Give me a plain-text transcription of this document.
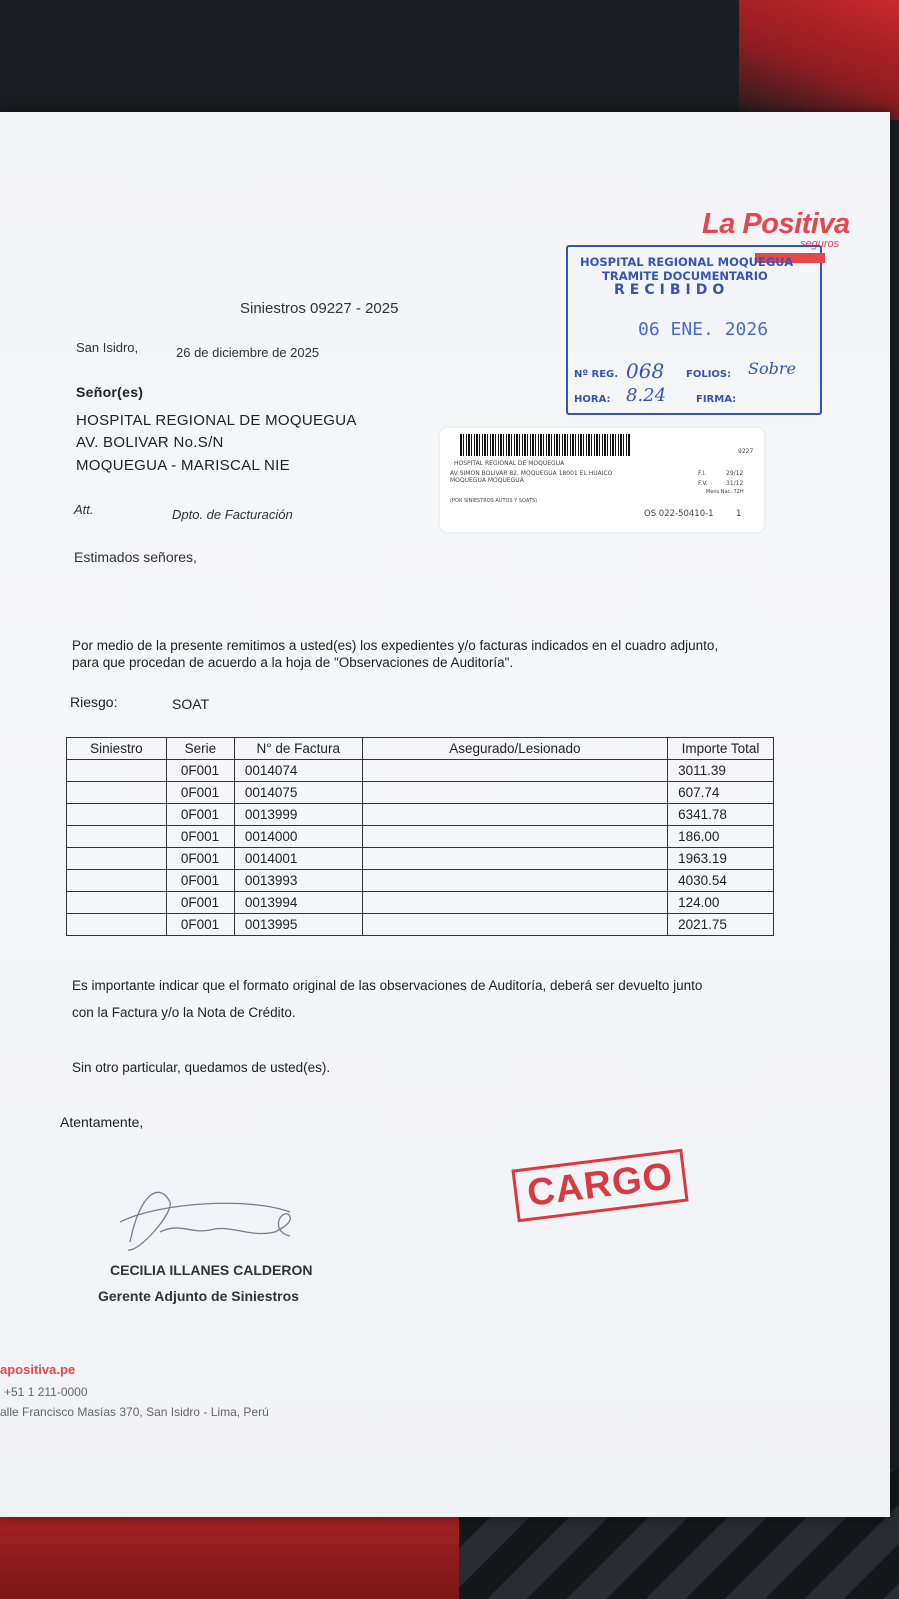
La Positiva
seguros
Siniestros 09227 - 2025
San Isidro,	26 de diciembre de 2025
Señor(es)
HOSPITAL REGIONAL DE MOQUEGUA
AV. BOLIVAR No.S/N
MOQUEGUA - MARISCAL NIE
Att.	Dpto. de Facturación
HOSPITAL REGIONAL MOQUEGUA
TRAMITE DOCUMENTARIO
RECIBIDO
06 ENE. 2026
Nº REG. 068 FOLIOS: Sobre
HORA: 8.24	FIRMA:
9227
HOSPITAL REGIONAL DE MOQUEGUA
AV SIMON BOLIVAR 82, MOQUEGUA 18001 EL HUAICO
MOQUEGUA MOQUEGUA
(POR SINIESTROS AUTOS Y SOATS)
F.I.	29/12
F.V.	31/12
Mens.Nac. 72H
OS 022-50410-1	1
Estimados señores,
Por medio de la presente remitimos a usted(es) los expedientes y/o facturas indicados en el cuadro adjunto,
para que procedan de acuerdo a la hoja de "Observaciones de Auditoría".
Riesgo:	SOAT
Siniestro	Serie	N° de Factura	Asegurado/Lesionado	Importe Total
	0F001	0014074		3011.39
	0F001	0014075		607.74
	0F001	0013999		6341.78
	0F001	0014000		186.00
	0F001	0014001		1963.19
	0F001	0013993		4030.54
	0F001	0013994		124.00
	0F001	0013995		2021.75
Es importante indicar que el formato original de las observaciones de Auditoría, deberá ser devuelto junto
con la Factura y/o la Nota de Crédito.
Sin otro particular, quedamos de usted(es).
Atentamente,
CARGO
CECILIA ILLANES CALDERON
Gerente Adjunto de Siniestros
apositiva.pe
+51 1 211-0000
alle Francisco Masías 370, San Isidro - Lima, Perú
